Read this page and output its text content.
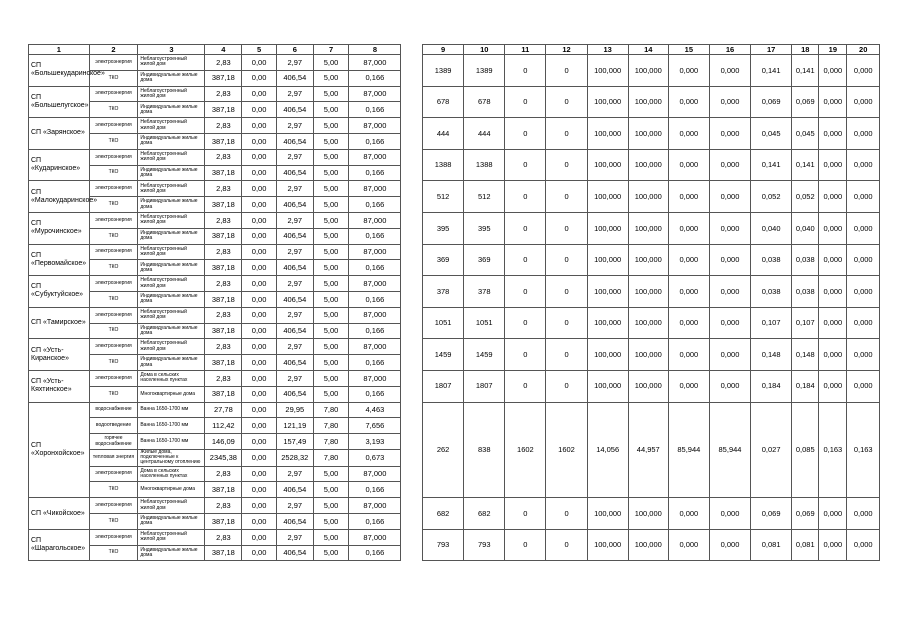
1	2	3	4	5	6	7	8		9	10	11	12	13	14	15	16	17	18	19	20
СП «Большекударинское»	электроэнергия	Неблагоустроенный жилой дом	2,83	0,00	2,97	5,00	87,000		1389	1389	0	0	100,000	100,000	0,000	0,000	0,141	0,141	0,000	0,000
	ТКО	Индивидуальные жилые дома	387,18	0,00	406,54	5,00	0,166													
СП «Большелугское»	электроэнергия	Неблагоустроенный жилой дом	2,83	0,00	2,97	5,00	87,000		678	678	0	0	100,000	100,000	0,000	0,000	0,069	0,069	0,000	0,000
	ТКО	Индивидуальные жилые дома	387,18	0,00	406,54	5,00	0,166													
СП «Зарянское»	электроэнергия	Неблагоустроенный жилой дом	2,83	0,00	2,97	5,00	87,000		444	444	0	0	100,000	100,000	0,000	0,000	0,045	0,045	0,000	0,000
	ТКО	Индивидуальные жилые дома	387,18	0,00	406,54	5,00	0,166													
СП «Кударинское»	электроэнергия	Неблагоустроенный жилой дом	2,83	0,00	2,97	5,00	87,000		1388	1388	0	0	100,000	100,000	0,000	0,000	0,141	0,141	0,000	0,000
	ТКО	Индивидуальные жилые дома	387,18	0,00	406,54	5,00	0,166													
СП «Малокударинское»	электроэнергия	Неблагоустроенный жилой дом	2,83	0,00	2,97	5,00	87,000		512	512	0	0	100,000	100,000	0,000	0,000	0,052	0,052	0,000	0,000
	ТКО	Индивидуальные жилые дома	387,18	0,00	406,54	5,00	0,166													
СП «Мурочинское»	электроэнергия	Неблагоустроенный жилой дом	2,83	0,00	2,97	5,00	87,000		395	395	0	0	100,000	100,000	0,000	0,000	0,040	0,040	0,000	0,000
	ТКО	Индивидуальные жилые дома	387,18	0,00	406,54	5,00	0,166													
СП «Первомайское»	электроэнергия	Неблагоустроенный жилой дом	2,83	0,00	2,97	5,00	87,000		369	369	0	0	100,000	100,000	0,000	0,000	0,038	0,038	0,000	0,000
	ТКО	Индивидуальные жилые дома	387,18	0,00	406,54	5,00	0,166													
СП «Субуктуйское»	электроэнергия	Неблагоустроенный жилой дом	2,83	0,00	2,97	5,00	87,000		378	378	0	0	100,000	100,000	0,000	0,000	0,038	0,038	0,000	0,000
	ТКО	Индивидуальные жилые дома	387,18	0,00	406,54	5,00	0,166													
СП «Тамирское»	электроэнергия	Неблагоустроенный жилой дом	2,83	0,00	2,97	5,00	87,000		1051	1051	0	0	100,000	100,000	0,000	0,000	0,107	0,107	0,000	0,000
	ТКО	Индивидуальные жилые дома	387,18	0,00	406,54	5,00	0,166													
СП «Усть-Киранское»	электроэнергия	Неблагоустроенный жилой дом	2,83	0,00	2,97	5,00	87,000		1459	1459	0	0	100,000	100,000	0,000	0,000	0,148	0,148	0,000	0,000
	ТКО	Индивидуальные жилые дома	387,18	0,00	406,54	5,00	0,166													
СП «Усть-Кяхтинское»	электроэнергия	Дома в сельских населенных пунктах	2,83	0,00	2,97	5,00	87,000		1807	1807	0	0	100,000	100,000	0,000	0,000	0,184	0,184	0,000	0,000
	ТКО	Многоквартирные дома	387,18	0,00	406,54	5,00	0,166													
СП «Хоронхойское»	водоснабжение	Ванна 1650-1700 мм	27,78	0,00	29,95	7,80	4,463		262	838	1602	1602	14,056	44,957	85,944	85,944	0,027	0,085	0,163	0,163
	водоотведение	Ванна 1650-1700 мм	112,42	0,00	121,19	7,80	7,656													
	горячее водоснабжение	Ванна 1650-1700 мм	146,09	0,00	157,49	7,80	3,193													
	тепловая энергия	Жилые дома, подключенные к центральному отоплению	2345,38	0,00	2528,32	7,80	0,673													
	электроэнергия	Дома в сельских населенных пунктах	2,83	0,00	2,97	5,00	87,000													
	ТКО	Многоквартирные дома	387,18	0,00	406,54	5,00	0,166													
СП «Чикойское»	электроэнергия	Неблагоустроенный жилой дом	2,83	0,00	2,97	5,00	87,000		682	682	0	0	100,000	100,000	0,000	0,000	0,069	0,069	0,000	0,000
	ТКО	Индивидуальные жилые дома	387,18	0,00	406,54	5,00	0,166													
СП «Шарагольское»	электроэнергия	Неблагоустроенный жилой дом	2,83	0,00	2,97	5,00	87,000		793	793	0	0	100,000	100,000	0,000	0,000	0,081	0,081	0,000	0,000
	ТКО	Индивидуальные жилые дома	387,18	0,00	406,54	5,00	0,166													
